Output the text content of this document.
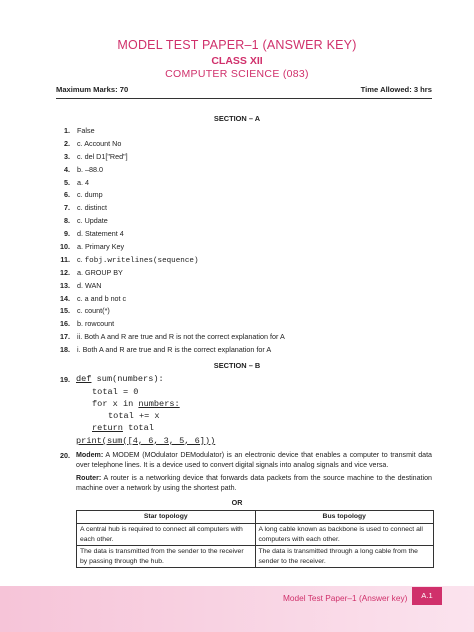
MODEL TEST PAPER–1 (ANSWER KEY)
CLASS XII
COMPUTER SCIENCE (083)
Maximum Marks: 70	Time Allowed: 3 hrs
SECTION – A
1. False
2. c. Account No
3. c. del D1["Red"]
4. b. –88.0
5. a. 4
6. c. dump
7. c. distinct
8. c. Update
9. d. Statement 4
10. a. Primary Key
11. c. fobj.writelines(sequence)
12. a. GROUP BY
13. d. WAN
14. c. a and b not c
15. c. count(*)
16. b. rowcount
17. ii. Both A and R are true and R is not the correct explanation for A
18. i. Both A and R are true and R is the correct explanation for A
SECTION – B
19. def sum(numbers):
total = 0
for x in numbers:
total += x
return total
print(sum([4, 6, 3, 5, 6]))
20. Modem: A MODEM (MOdulator DEModulator) is an electronic device that enables a computer to transmit data over telephone lines. It is a device used to convert digital signals into analog signals and vice versa.
Router: A router is a networking device that forwards data packets from the source machine to the destination machine over a network by using the shortest path.
OR
Star topology	Bus topology
A central hub is required to connect all computers with each other.	A long cable known as backbone is used to connect all computers with each other.
The data is transmitted from the sender to the receiver by passing through the hub.	The data is transmitted through a long cable from the sender to the receiver.
Model Test Paper–1 (Answer key)	A.1
